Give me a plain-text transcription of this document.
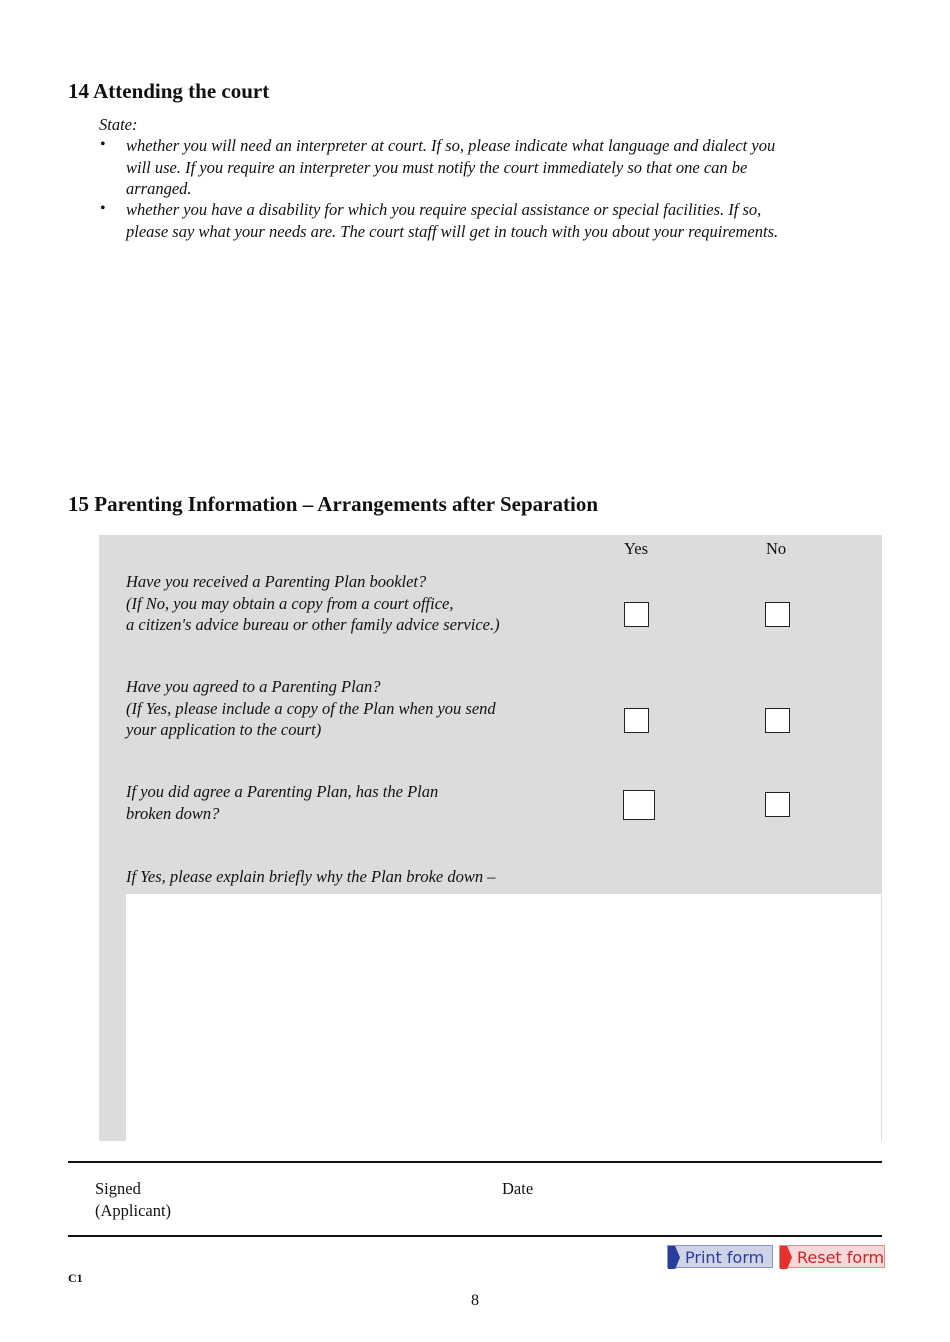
14 Attending the court
State:
• whether you will need an interpreter at court. If so, please indicate what language and dialect you
will use. If you require an interpreter you must notify the court immediately so that one can be
arranged.
• whether you have a disability for which you require special assistance or special facilities. If so,
please say what your needs are. The court staff will get in touch with you about your requirements.
15 Parenting Information – Arrangements after Separation
Yes	No
Have you received a Parenting Plan booklet?
(If No, you may obtain a copy from a court office,
a citizen's advice bureau or other family advice service.)
Have you agreed to a Parenting Plan?
(If Yes, please include a copy of the Plan when you send
your application to the court)
If you did agree a Parenting Plan, has the Plan
broken down?
If Yes, please explain briefly why the Plan broke down –
Signed
(Applicant)
Date
Print form Reset form
C1
8
